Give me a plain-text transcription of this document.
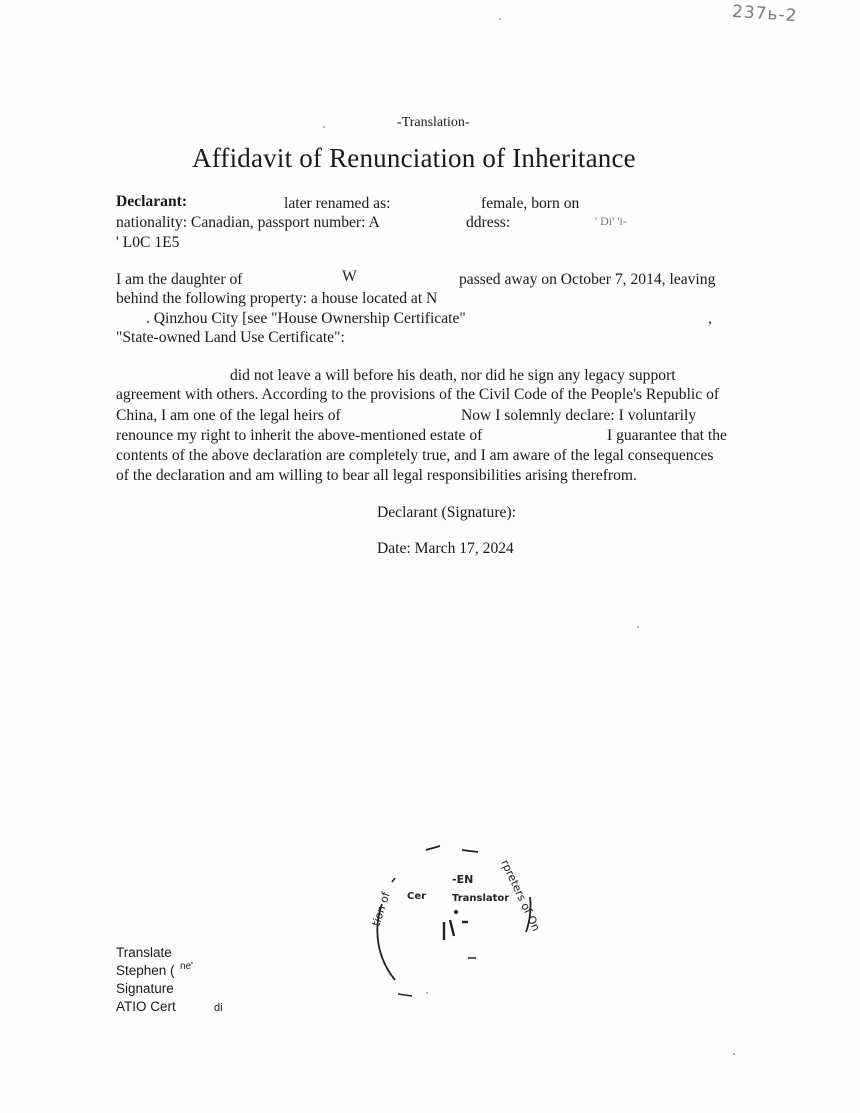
237ь-2
-Translation-
Affidavit of Renunciation of Inheritance
Declarant:	later renamed as:	female, born on
nationality: Canadian, passport number: A	ddress:	' Di' 'i-
' L0C 1E5
I am the daughter of	W	passed away on October 7, 2014, leaving
behind the following property: a house located at N
. Qinzhou City [see "House Ownership Certificate"	,
"State-owned Land Use Certificate":
did not leave a will before his death, nor did he sign any legacy support
agreement with others. According to the provisions of the Civil Code of the People's Republic of
China, I am one of the legal heirs of	Now I solemnly declare: I voluntarily
renounce my right to inherit the above-mentioned estate of	I guarantee that the
contents of the above declaration are completely true, and I am aware of the legal consequences
of the declaration and am willing to bear all legal responsibilities arising therefrom.
Declarant (Signature):
Date: March 17, 2024
tion of	rpreters of On
-EN
Cer	Translator
Translate
Stephen ( ne'
Signature
ATIO Cert	di
